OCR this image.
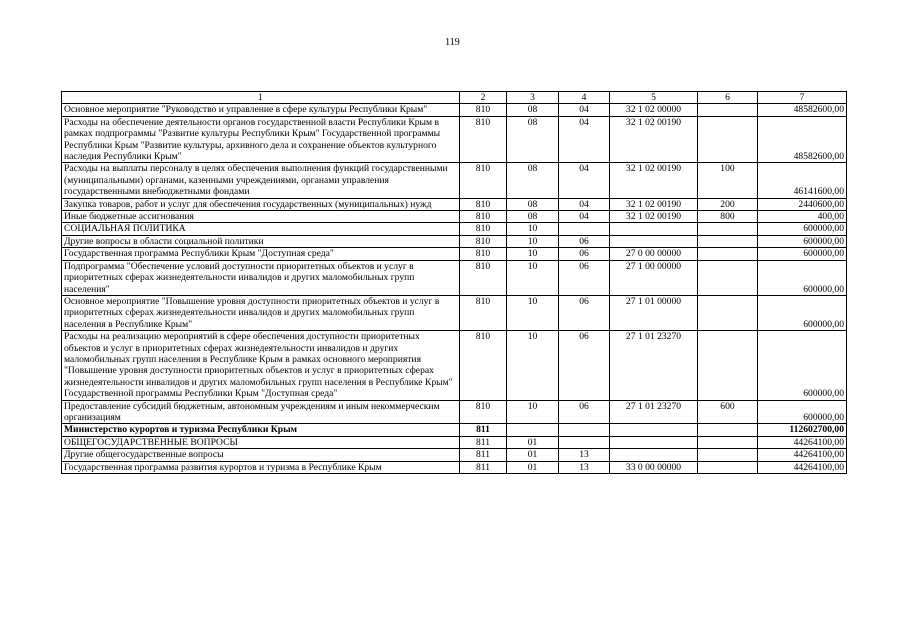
119
1	2	3	4	5	6	7
Основное мероприятие "Руководство и управление в сфере культуры Республики Крым"	810	08	04	32 1 02 00000		48582600,00
Расходы на обеспечение деятельности органов государственной власти Республики Крым в рамках подпрограммы "Развитие культуры Республики Крым" Государственной программы Республики Крым "Развитие культуры, архивного дела и сохранение объектов культурного наследия Республики Крым"	810	08	04	32 1 02 00190		48582600,00
Расходы на выплаты персоналу в целях обеспечения выполнения функций государственными (муниципальными) органами, казенными учреждениями, органами управления государственными внебюджетными фондами	810	08	04	32 1 02 00190	100	46141600,00
Закупка товаров, работ и услуг для обеспечения государственных (муниципальных) нужд	810	08	04	32 1 02 00190	200	2440600,00
Иные бюджетные ассигнования	810	08	04	32 1 02 00190	800	400,00
СОЦИАЛЬНАЯ ПОЛИТИКА	810	10				600000,00
Другие вопросы в области социальной политики	810	10	06			600000,00
Государственная программа Республики Крым "Доступная среда"	810	10	06	27 0 00 00000		600000,00
Подпрограмма "Обеспечение условий доступности приоритетных объектов и услуг в приоритетных сферах жизнедеятельности инвалидов и других маломобильных групп населения"	810	10	06	27 1 00 00000		600000,00
Основное мероприятие "Повышение уровня доступности приоритетных объектов и услуг в приоритетных сферах жизнедеятельности инвалидов и других маломобильных групп населения в Республике Крым"	810	10	06	27 1 01 00000		600000,00
Расходы на реализацию мероприятий в сфере обеспечения доступности приоритетных объектов и услуг в приоритетных сферах жизнедеятельности инвалидов и других маломобильных групп населения в Республике Крым в рамках основного мероприятия "Повышение уровня доступности приоритетных объектов и услуг в приоритетных сферах жизнедеятельности инвалидов и других маломобильных групп населения в Республике Крым" Государственной программы Республики Крым "Доступная среда"	810	10	06	27 1 01 23270		600000,00
Предоставление субсидий бюджетным, автономным учреждениям и иным некоммерческим организациям	810	10	06	27 1 01 23270	600	600000,00
Министерство курортов и туризма Республики Крым	811					112602700,00
ОБЩЕГОСУДАРСТВЕННЫЕ ВОПРОСЫ	811	01				44264100,00
Другие общегосударственные вопросы	811	01	13			44264100,00
Государственная программа развития курортов и туризма в Республике Крым	811	01	13	33 0 00 00000		44264100,00
